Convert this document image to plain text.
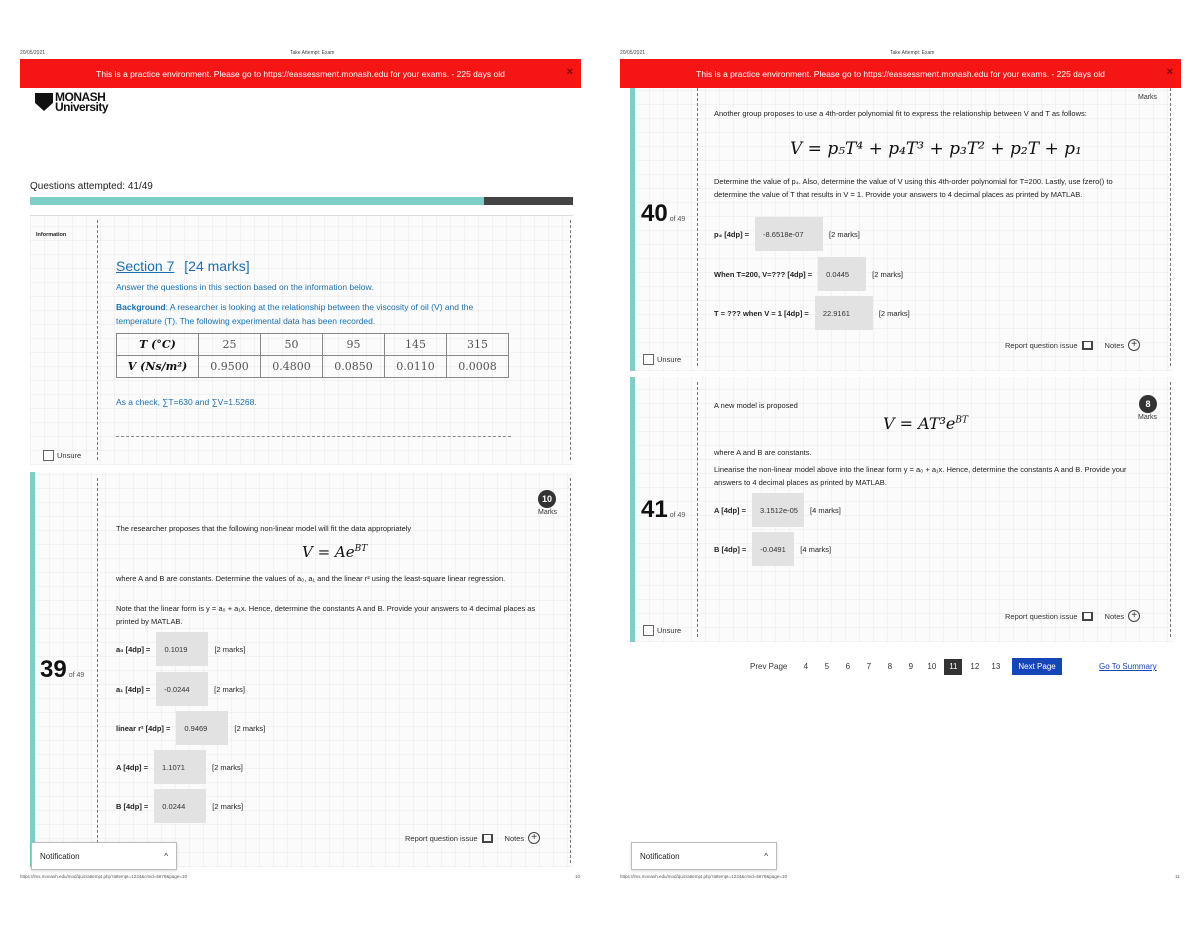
20/05/2021	Take Attempt: Exam
This is a practice environment. Please go to https://eassessment.monash.edu for your exams. - 225 days old	×
MONASH
University
Questions attempted: 41/49
Information
Section 7 [24 marks]
Answer the questions in this section based on the information below.
Background: A researcher is looking at the relationship between the viscosity of oil (V) and the temperature (T). The following experimental data has been recorded.
T (°C)	25	50	95	145	315
V (Ns/m²)	0.9500	0.4800	0.0850	0.0110	0.0008
As a check, ∑T=630 and ∑V=1.5268.
Unsure
39 of 49
10
Marks
The researcher proposes that the following non-linear model will fit the data appropriately
$V = Ae^{BT}$
where A and B are constants. Determine the values of a₀, a₁ and the linear r² using the least-square linear regression.
Note that the linear form is y = a₀ + a₁x. Hence, determine the constants A and B. Provide your answers to 4 decimal places as printed by MATLAB.
a₀ [4dp] =	0.1019	[2 marks]
a₁ [4dp] =	-0.0244	[2 marks]
linear r² [4dp] =	0.9469	[2 marks]
A [4dp] =	1.1071	[2 marks]
B [4dp] =	0.0244	[2 marks]
Report question issue	Notes +
Notification	^
https://lms.monash.edu/mod/quiz/attempt.php?attempt=1234&cmid=5678&page=10	10
20/05/2021	Take Attempt: Exam
This is a practice environment. Please go to https://eassessment.monash.edu for your exams. - 225 days old	×
Marks
Another group proposes to use a 4th-order polynomial fit to express the relationship between V and T as follows:
V = p₅T⁴ + p₄T³ + p₃T² + p₂T + p₁
Determine the value of p₄. Also, determine the value of V using this 4th-order polynomial for T=200. Lastly, use fzero() to determine the value of T that results in V = 1. Provide your answers to 4 decimal places as printed by MATLAB.
40 of 49
p₄ [4dp] =	-8.6518e-07	[2 marks]
When T=200, V=??? [4dp] =	0.0445	[2 marks]
T = ??? when V = 1 [4dp] =	22.9161	[2 marks]
Report question issue	Notes +
Unsure
8
Marks
A new model is proposed
$V = AT^3e^{BT}$
where A and B are constants.
Linearise the non-linear model above into the linear form y = a₀ + a₁x. Hence, determine the constants A and B. Provide your answers to 4 decimal places as printed by MATLAB.
41 of 49
A [4dp] =	3.1512e-05	[4 marks]
B [4dp] =	-0.0491	[4 marks]
Report question issue	Notes +
Unsure
Prev Page	4	5	6	7	8	9	10	11	12	13	Next Page	Go To Summary
Notification	^
https://lms.monash.edu/mod/quiz/attempt.php?attempt=1234&cmid=5678&page=10	11
